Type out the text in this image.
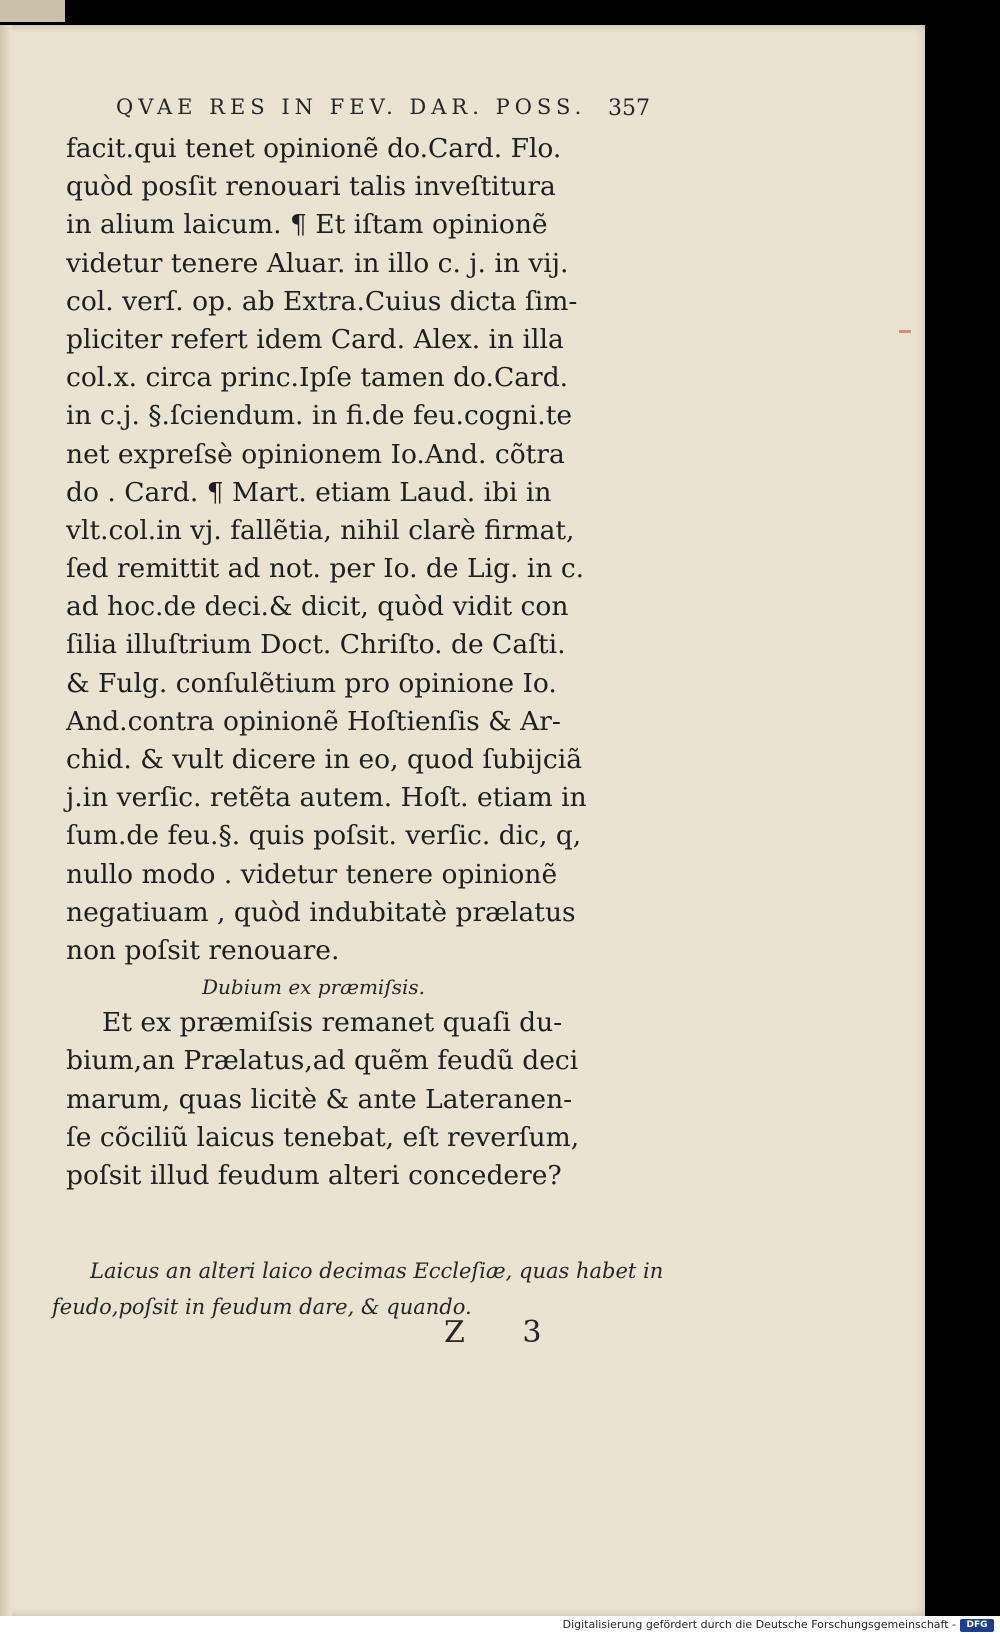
QVAE RES IN FEV. DAR. POSS. 357
facit.qui tenet opinionẽ do.Card. Flo.
quòd posſit renouari talis inveſtitura
in alium laicum. ¶ Et iſtam opinionẽ
videtur tenere Aluar. in illo c. j. in vij.
col. verſ. op. ab Extra.Cuius dicta ſim-
pliciter refert idem Card. Alex. in illa
col.x. circa princ.Ipſe tamen do.Card.
in c.j. §.ſciendum. in fi.de feu.cogni.te
net expreſsè opinionem Io.And. cõtra
do . Card. ¶ Mart. etiam Laud. ibi in
vlt.col.in vj. fallẽtia, nihil clarè firmat,
ſed remittit ad not. per Io. de Lig. in c.
ad hoc.de deci.& dicit, quòd vidit con
ſilia illuſtrium Doct. Chriſto. de Caſti.
& Fulg. conſulẽtium pro opinione Io.
And.contra opinionẽ Hoſtienſis & Ar-
chid. & vult dicere in eo, quod ſubijciã
j.in verſic. retẽta autem. Hoſt. etiam in
ſum.de feu.§. quis poſsit. verſic. dic, q,
nullo modo . videtur tenere opinionẽ
negatiuam , quòd indubitatè prælatus
non poſsit renouare.
Dubium ex præmiſsis.
Et ex præmiſsis remanet quaſi du-
bium,an Prælatus,ad quẽm feudũ deci
marum, quas licitè & ante Lateranen-
ſe cõciliũ laicus tenebat, eſt reverſum,
poſsit illud feudum alteri concedere?
Laicus an alteri laico decimas Eccleſiæ, quas habet in
feudo,poſsit in feudum dare, & quando.
Z 3
Digitalisierung gefördert durch die Deutsche Forschungsgemeinschaft -	DFG
